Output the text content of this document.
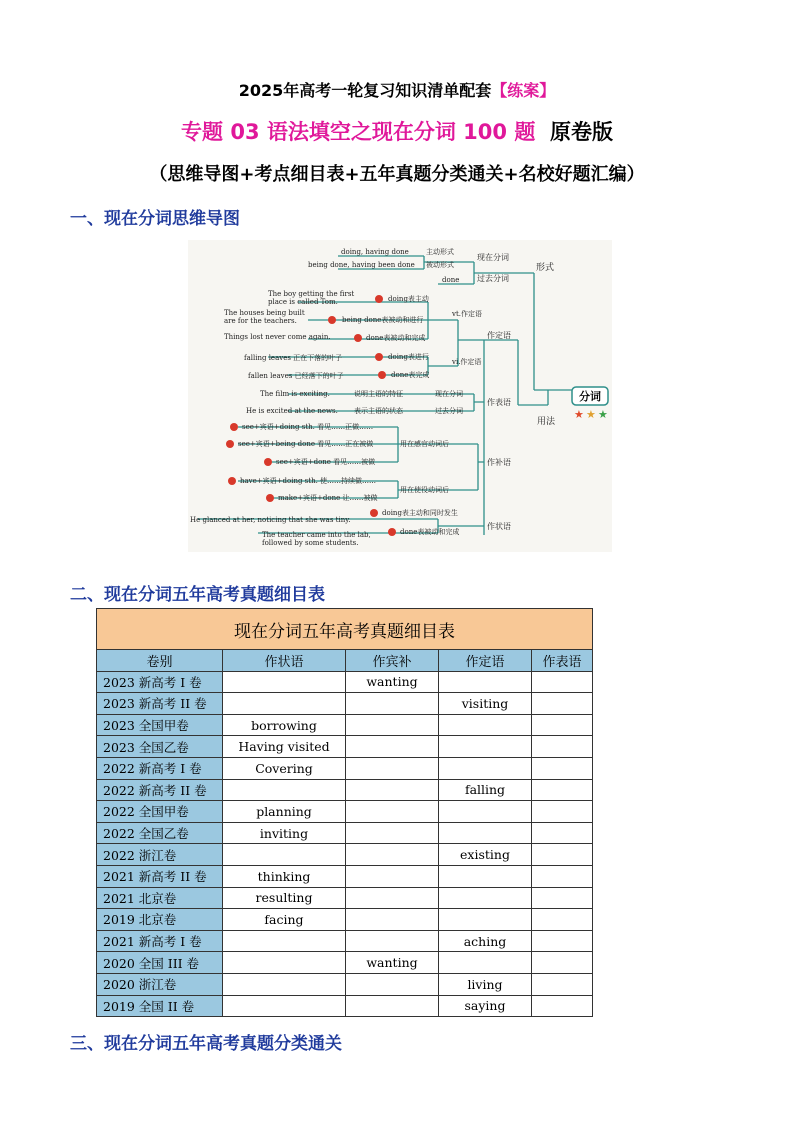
2025年高考一轮复习知识清单配套【练案】
专题 03 语法填空之现在分词 100 题 原卷版
（思维导图+考点细目表+五年真题分类通关+名校好题汇编）
一、现在分词思维导图
分词
★ ★ ★
形式
现在分词
过去分词
doing, having done 主动形式
being done, having been done 被动形式
done
用法
作定语
vt.作定语
vi.作定语
The boy getting the first
place is called Tom.	doing表主动
The houses being built
are for the teachers.	being done表被动和进行
Things lost never come again.	done表被动和完成
falling leaves 正在下落的叶子	doing表进行
fallen leaves 已经落下的叶子	done表完成
作表语
The film is exciting.	说明主语的特征	现在分词
He is excited at the news. 表示主语的状态	过去分词
作补语
see+宾语+doing sth. 看见……正做……
see+宾语+being done 看见……正在被做	用在感官动词后
see+宾语+done 看见……被做
have+宾语+doing sth. 使……持续做……
用在使役动词后
make+宾语+done 让……被做
作状语
He glanced at her, noticing that she was tiny.
doing表主动和同时发生
The teacher came into the lab,
followed by some students.
done表被动和完成
二、现在分词五年高考真题细目表
现在分词五年高考真题细目表				
卷别	作状语	作宾补	作定语	作表语
2023 新高考 I 卷		wanting		
2023 新高考 II 卷			visiting	
2023 全国甲卷	borrowing			
2023 全国乙卷	Having visited			
2022 新高考 I 卷	Covering			
2022 新高考 II 卷			falling	
2022 全国甲卷	planning			
2022 全国乙卷	inviting			
2022 浙江卷			existing	
2021 新高考 II 卷	thinking			
2021 北京卷	resulting			
2019 北京卷	facing			
2021 新高考 I 卷			aching	
2020 全国 III 卷		wanting		
2020 浙江卷			living	
2019 全国 II 卷			saying	
三、现在分词五年高考真题分类通关
